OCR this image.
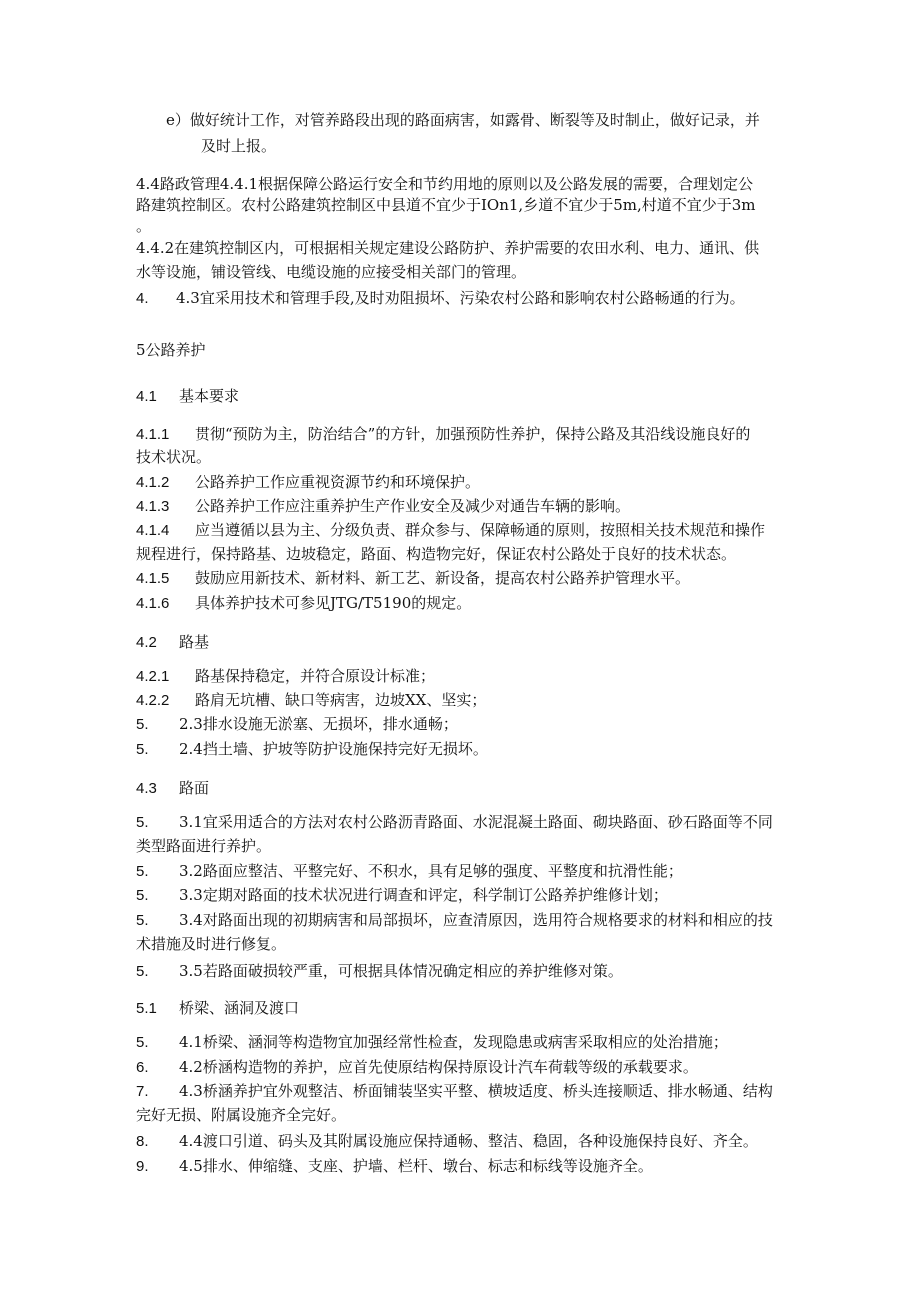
e）做好统计工作，对管养路段出现的路面病害，如露骨、断裂等及时制止，做好记录，并

及时上报。

4.4路政管理4.4.1根据保障公路运行安全和节约用地的原则以及公路发展的需要，合理划定公

路建筑控制区。农村公路建筑控制区中县道不宜少于IOn1,乡道不宜少于5m,村道不宜少于3m

。

4.4.2在建筑控制区内，可根据相关规定建设公路防护、养护需要的农田水利、电力、通讯、供

水等设施，铺设管线、电缆设施的应接受相关部门的管理。

4. 4.3宜采用技术和管理手段,及时劝阻损坏、污染农村公路和影响农村公路畅通的行为。

5公路养护

4.1 基本要求

4.1.1 贯彻“预防为主，防治结合”的方针，加强预防性养护，保持公路及其沿线设施良好的

技术状况。

4.1.2 公路养护工作应重视资源节约和环境保护。

4.1.3 公路养护工作应注重养护生产作业安全及减少对通告车辆的影响。

4.1.4 应当遵循以县为主、分级负责、群众参与、保障畅通的原则，按照相关技术规范和操作

规程进行，保持路基、边坡稳定，路面、构造物完好，保证农村公路处于良好的技术状态。

4.1.5 鼓励应用新技术、新材料、新工艺、新设备，提高农村公路养护管理水平。

4.1.6 具体养护技术可参见JTG/T5190的规定。

4.2 路基

4.2.1 路基保持稳定，并符合原设计标准；

4.2.2 路肩无坑槽、缺口等病害，边坡XX、坚实；

5. 2.3排水设施无淤塞、无损坏，排水通畅；

5. 2.4挡土墙、护坡等防护设施保持完好无损坏。

4.3 路面

5. 3.1宜采用适合的方法对农村公路沥青路面、水泥混凝土路面、砌块路面、砂石路面等不同

类型路面进行养护。

5. 3.2路面应整洁、平整完好、不积水，具有足够的强度、平整度和抗滑性能；

5. 3.3定期对路面的技术状况进行调查和评定，科学制订公路养护维修计划；

5. 3.4对路面出现的初期病害和局部损坏，应查清原因，选用符合规格要求的材料和相应的技

术措施及时进行修复。

5. 3.5若路面破损较严重，可根据具体情况确定相应的养护维修对策。

5.1 桥梁、涵洞及渡口

5. 4.1桥梁、涵洞等构造物宜加强经常性检查，发现隐患或病害采取相应的处治措施；

6. 4.2桥涵构造物的养护，应首先使原结构保持原设计汽车荷载等级的承载要求。

7. 4.3桥涵养护宜外观整洁、桥面铺装坚实平整、横坡适度、桥头连接顺适、排水畅通、结构

完好无损、附属设施齐全完好。

8. 4.4渡口引道、码头及其附属设施应保持通畅、整洁、稳固，各种设施保持良好、齐全。

9. 4.5排水、伸缩缝、支座、护墙、栏杆、墩台、标志和标线等设施齐全。
